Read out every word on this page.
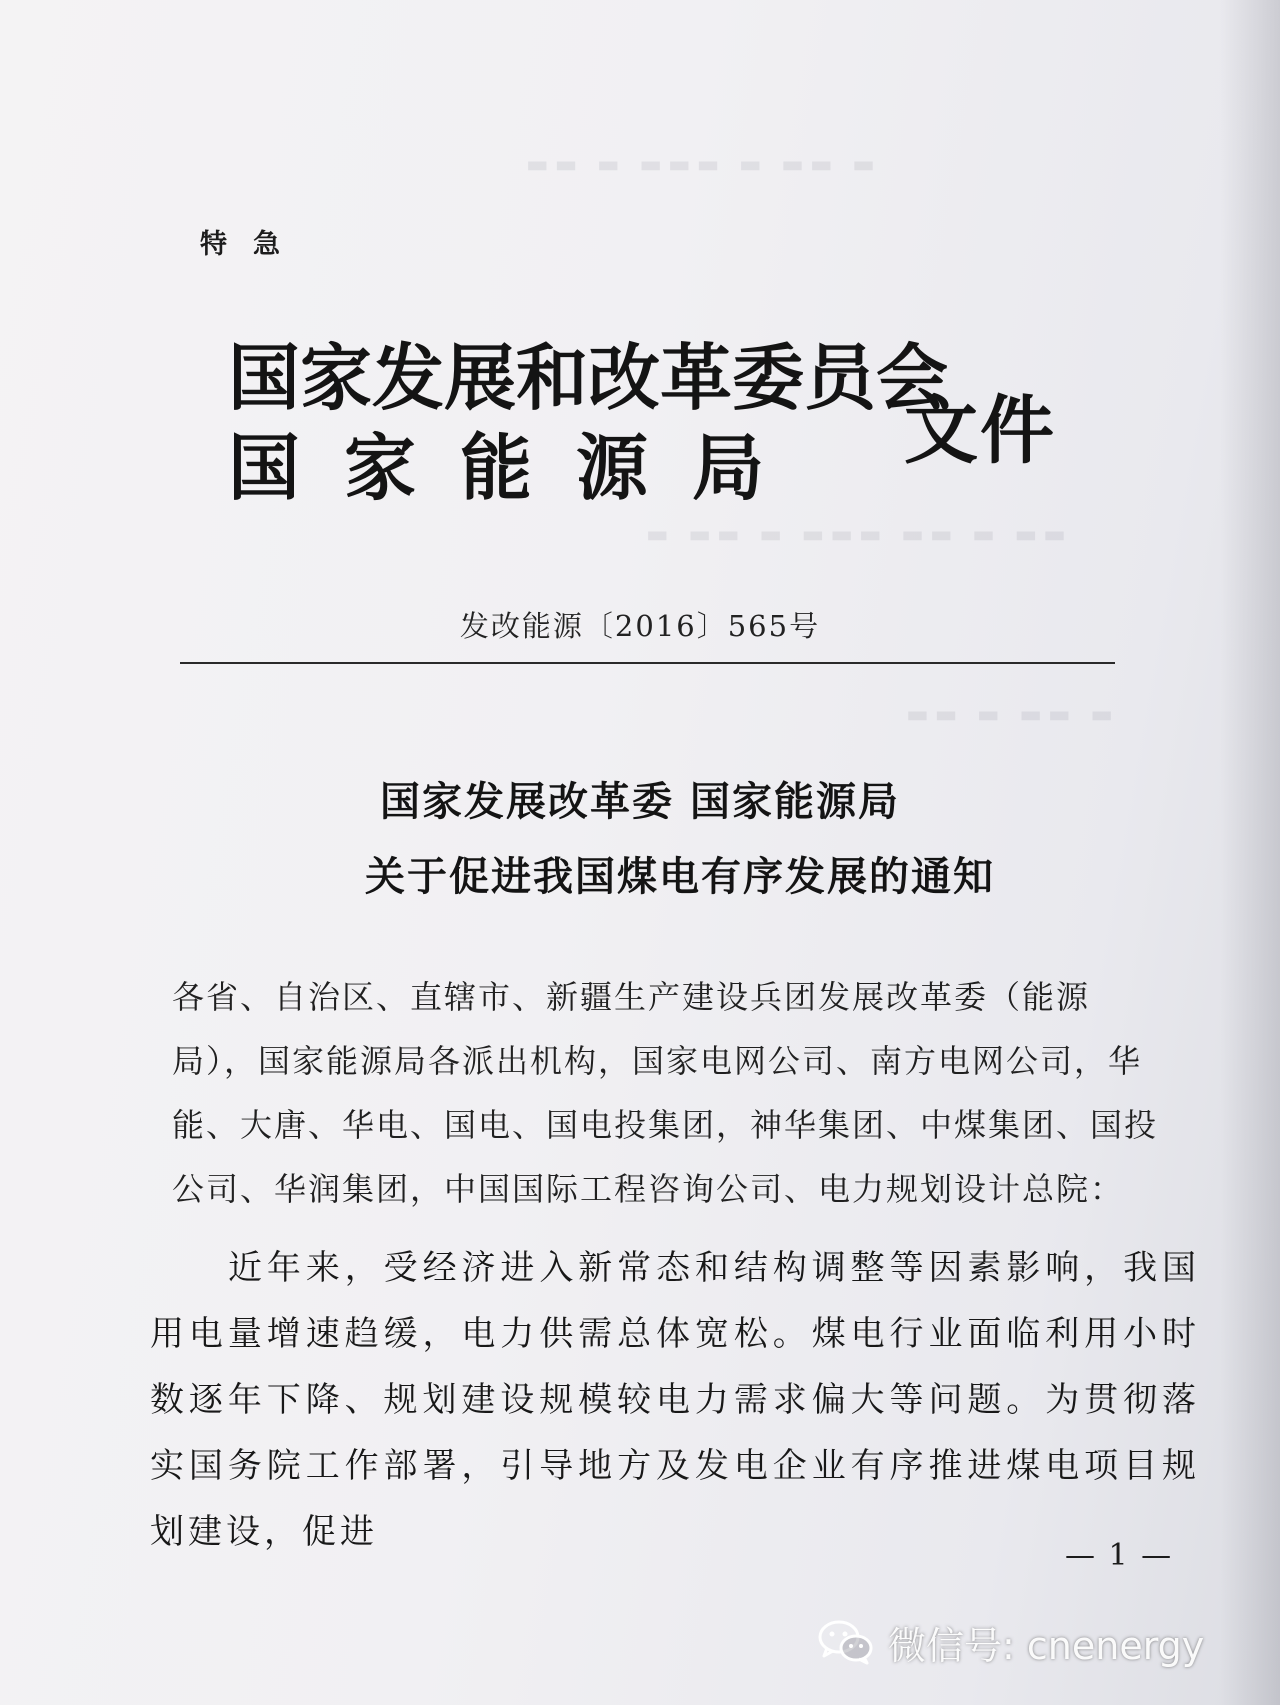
▬ ▬▬ ▬ ▬▬▬ ▬ ▬▬
▬▬ ▬ ▬▬ ▬▬▬ ▬ ▬▬ ▬
▬ ▬▬ ▬ ▬▬
特急
国家发展和改革委员会
国家能源局 文件
发改能源〔2016〕565号
国家发展改革委 国家能源局
关于促进我国煤电有序发展的通知
各省、自治区、直辖市、新疆生产建设兵团发展改革委（能源局），国家能源局各派出机构，国家电网公司、南方电网公司，华能、大唐、华电、国电、国电投集团，神华集团、中煤集团、国投公司、华润集团，中国国际工程咨询公司、电力规划设计总院：
近年来，受经济进入新常态和结构调整等因素影响，我国用电量增速趋缓，电力供需总体宽松。煤电行业面临利用小时数逐年下降、规划建设规模较电力需求偏大等问题。为贯彻落实国务院工作部署，引导地方及发电企业有序推进煤电项目规划建设，促进
— 1 —
微信号: cnenergy
